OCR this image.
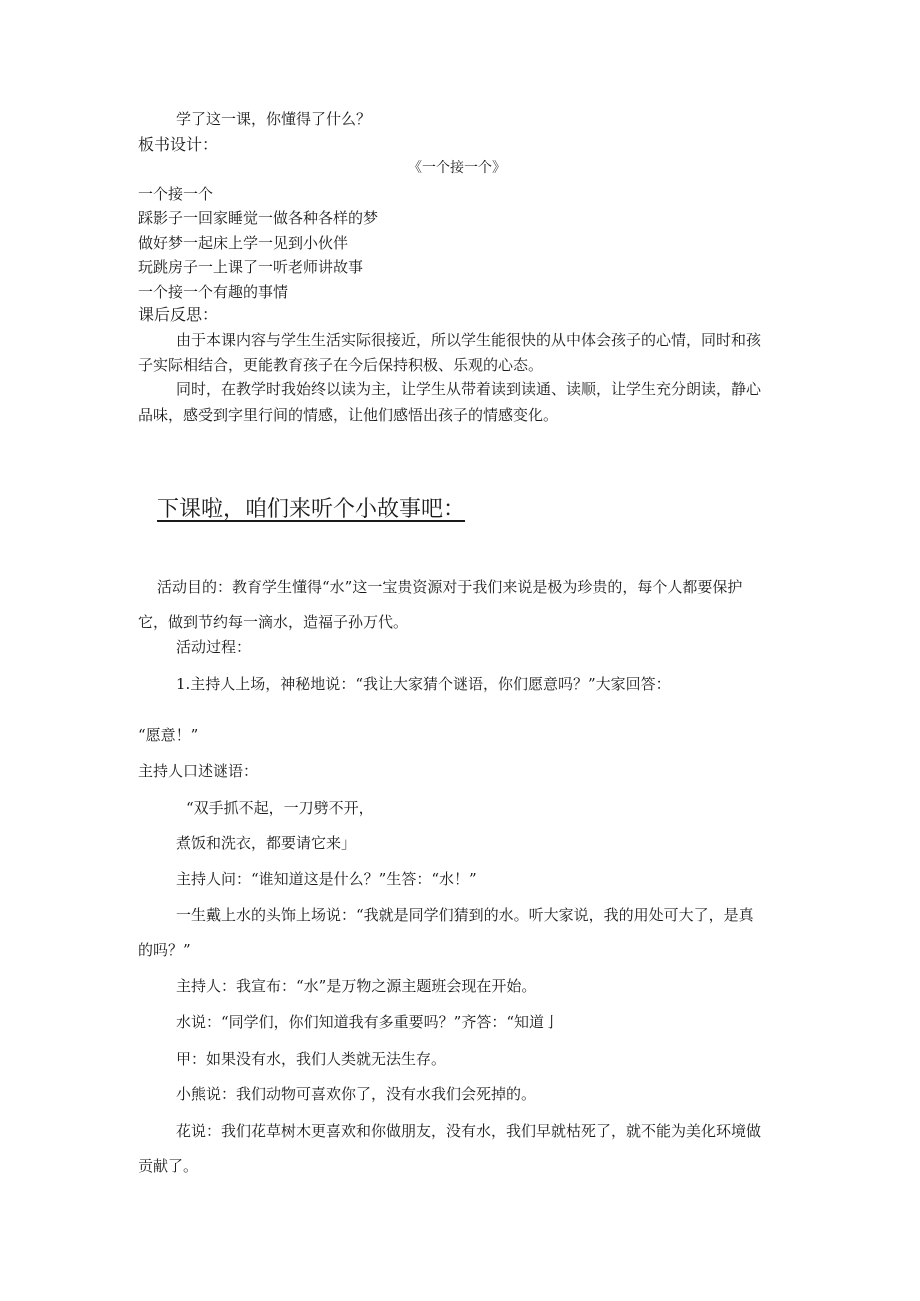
学了这一课，你懂得了什么？
板书设计：
《一个接一个》
一个接一个
踩影子一回家睡觉一做各种各样的梦
做好梦一起床上学一见到小伙伴
玩跳房子一上课了一听老师讲故事
一个接一个有趣的事情
课后反思：
由于本课内容与学生生活实际很接近，所以学生能很快的从中体会孩子的心情，同时和孩
子实际相结合，更能教育孩子在今后保持积极、乐观的心态。
同时，在教学时我始终以读为主，让学生从带着读到读通、读顺，让学生充分朗读，静心
品味，感受到字里行间的情感，让他们感悟出孩子的情感变化。
下课啦，咱们来听个小故事吧：
活动目的：教育学生懂得“水”这一宝贵资源对于我们来说是极为珍贵的，每个人都要保护
它，做到节约每一滴水，造福子孙万代。
活动过程：
1.主持人上场，神秘地说：“我让大家猜个谜语，你们愿意吗？”大家回答：
“愿意！”
主持人口述谜语：
“双手抓不起，一刀劈不开，
煮饭和洗衣，都要请它来」
主持人问：“谁知道这是什么？”生答：“水！”
一生戴上水的头饰上场说：“我就是同学们猜到的水。听大家说，我的用处可大了，是真
的吗？”
主持人：我宣布：“水”是万物之源主题班会现在开始。
水说：“同学们，你们知道我有多重要吗？”齐答：“知道亅
甲：如果没有水，我们人类就无法生存。
小熊说：我们动物可喜欢你了，没有水我们会死掉的。
花说：我们花草树木更喜欢和你做朋友，没有水，我们早就枯死了，就不能为美化环境做
贡献了。
